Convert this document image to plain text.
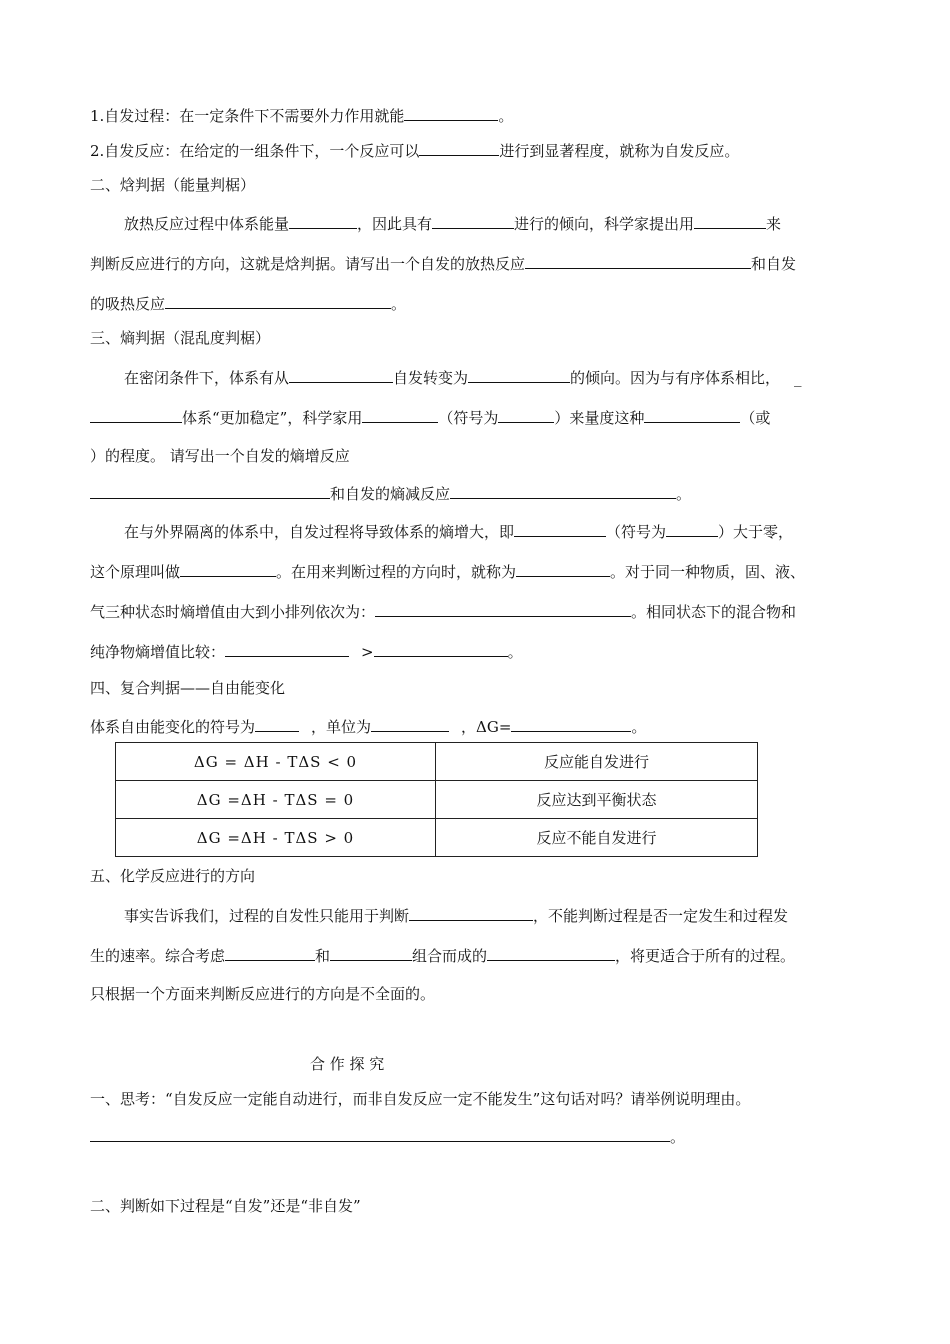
1.自发过程：在一定条件下不需要外力作用就能	。
2.自发反应：在给定的一组条件下，一个反应可以	进行到显著程度，就称为自发反应。
二、焓判据（能量判椐）
放热反应过程中体系能量	，因此具有	进行的倾向，科学家提出用	来
判断反应进行的方向，这就是焓判据。请写出一个自发的放热反应	和自发
的吸热反应	。
三、熵判据（混乱度判椐）
在密闭条件下，体系有从	自发转变为	的倾向。因为与有序体系相比， _
体系“更加稳定”，科学家用	（符号为	）来量度这种	（或
）的程度。 请写出一个自发的熵增反应
和自发的熵减反应	。
在与外界隔离的体系中，自发过程将导致体系的熵增大，即	（符号为	）大于零，
这个原理叫做	。在用来判断过程的方向时，就称为	。对于同一种物质，固、液、
气三种状态时熵增值由大到小排列依次为：	。相同状态下的混合物和
纯净物熵增值比较：	>	。
四、复合判据——自由能变化
体系自由能变化的符号为	，单位为	，ΔG=	。
ΔG = ΔH - TΔS < 0	反应能自发进行
ΔG =ΔH - TΔS = 0	反应达到平衡状态
ΔG =ΔH - TΔS > 0	反应不能自发进行
五、化学反应进行的方向
事实告诉我们，过程的自发性只能用于判断	，不能判断过程是否一定发生和过程发
生的速率。综合考虑	和	组合而成的	，将更适合于所有的过程。
只根据一个方面来判断反应进行的方向是不全面的。
合 作 探 究
一、思考：“自发反应一定能自动进行，而非自发反应一定不能发生”这句话对吗？请举例说明理由。
。
二、判断如下过程是“自发”还是“非自发”
